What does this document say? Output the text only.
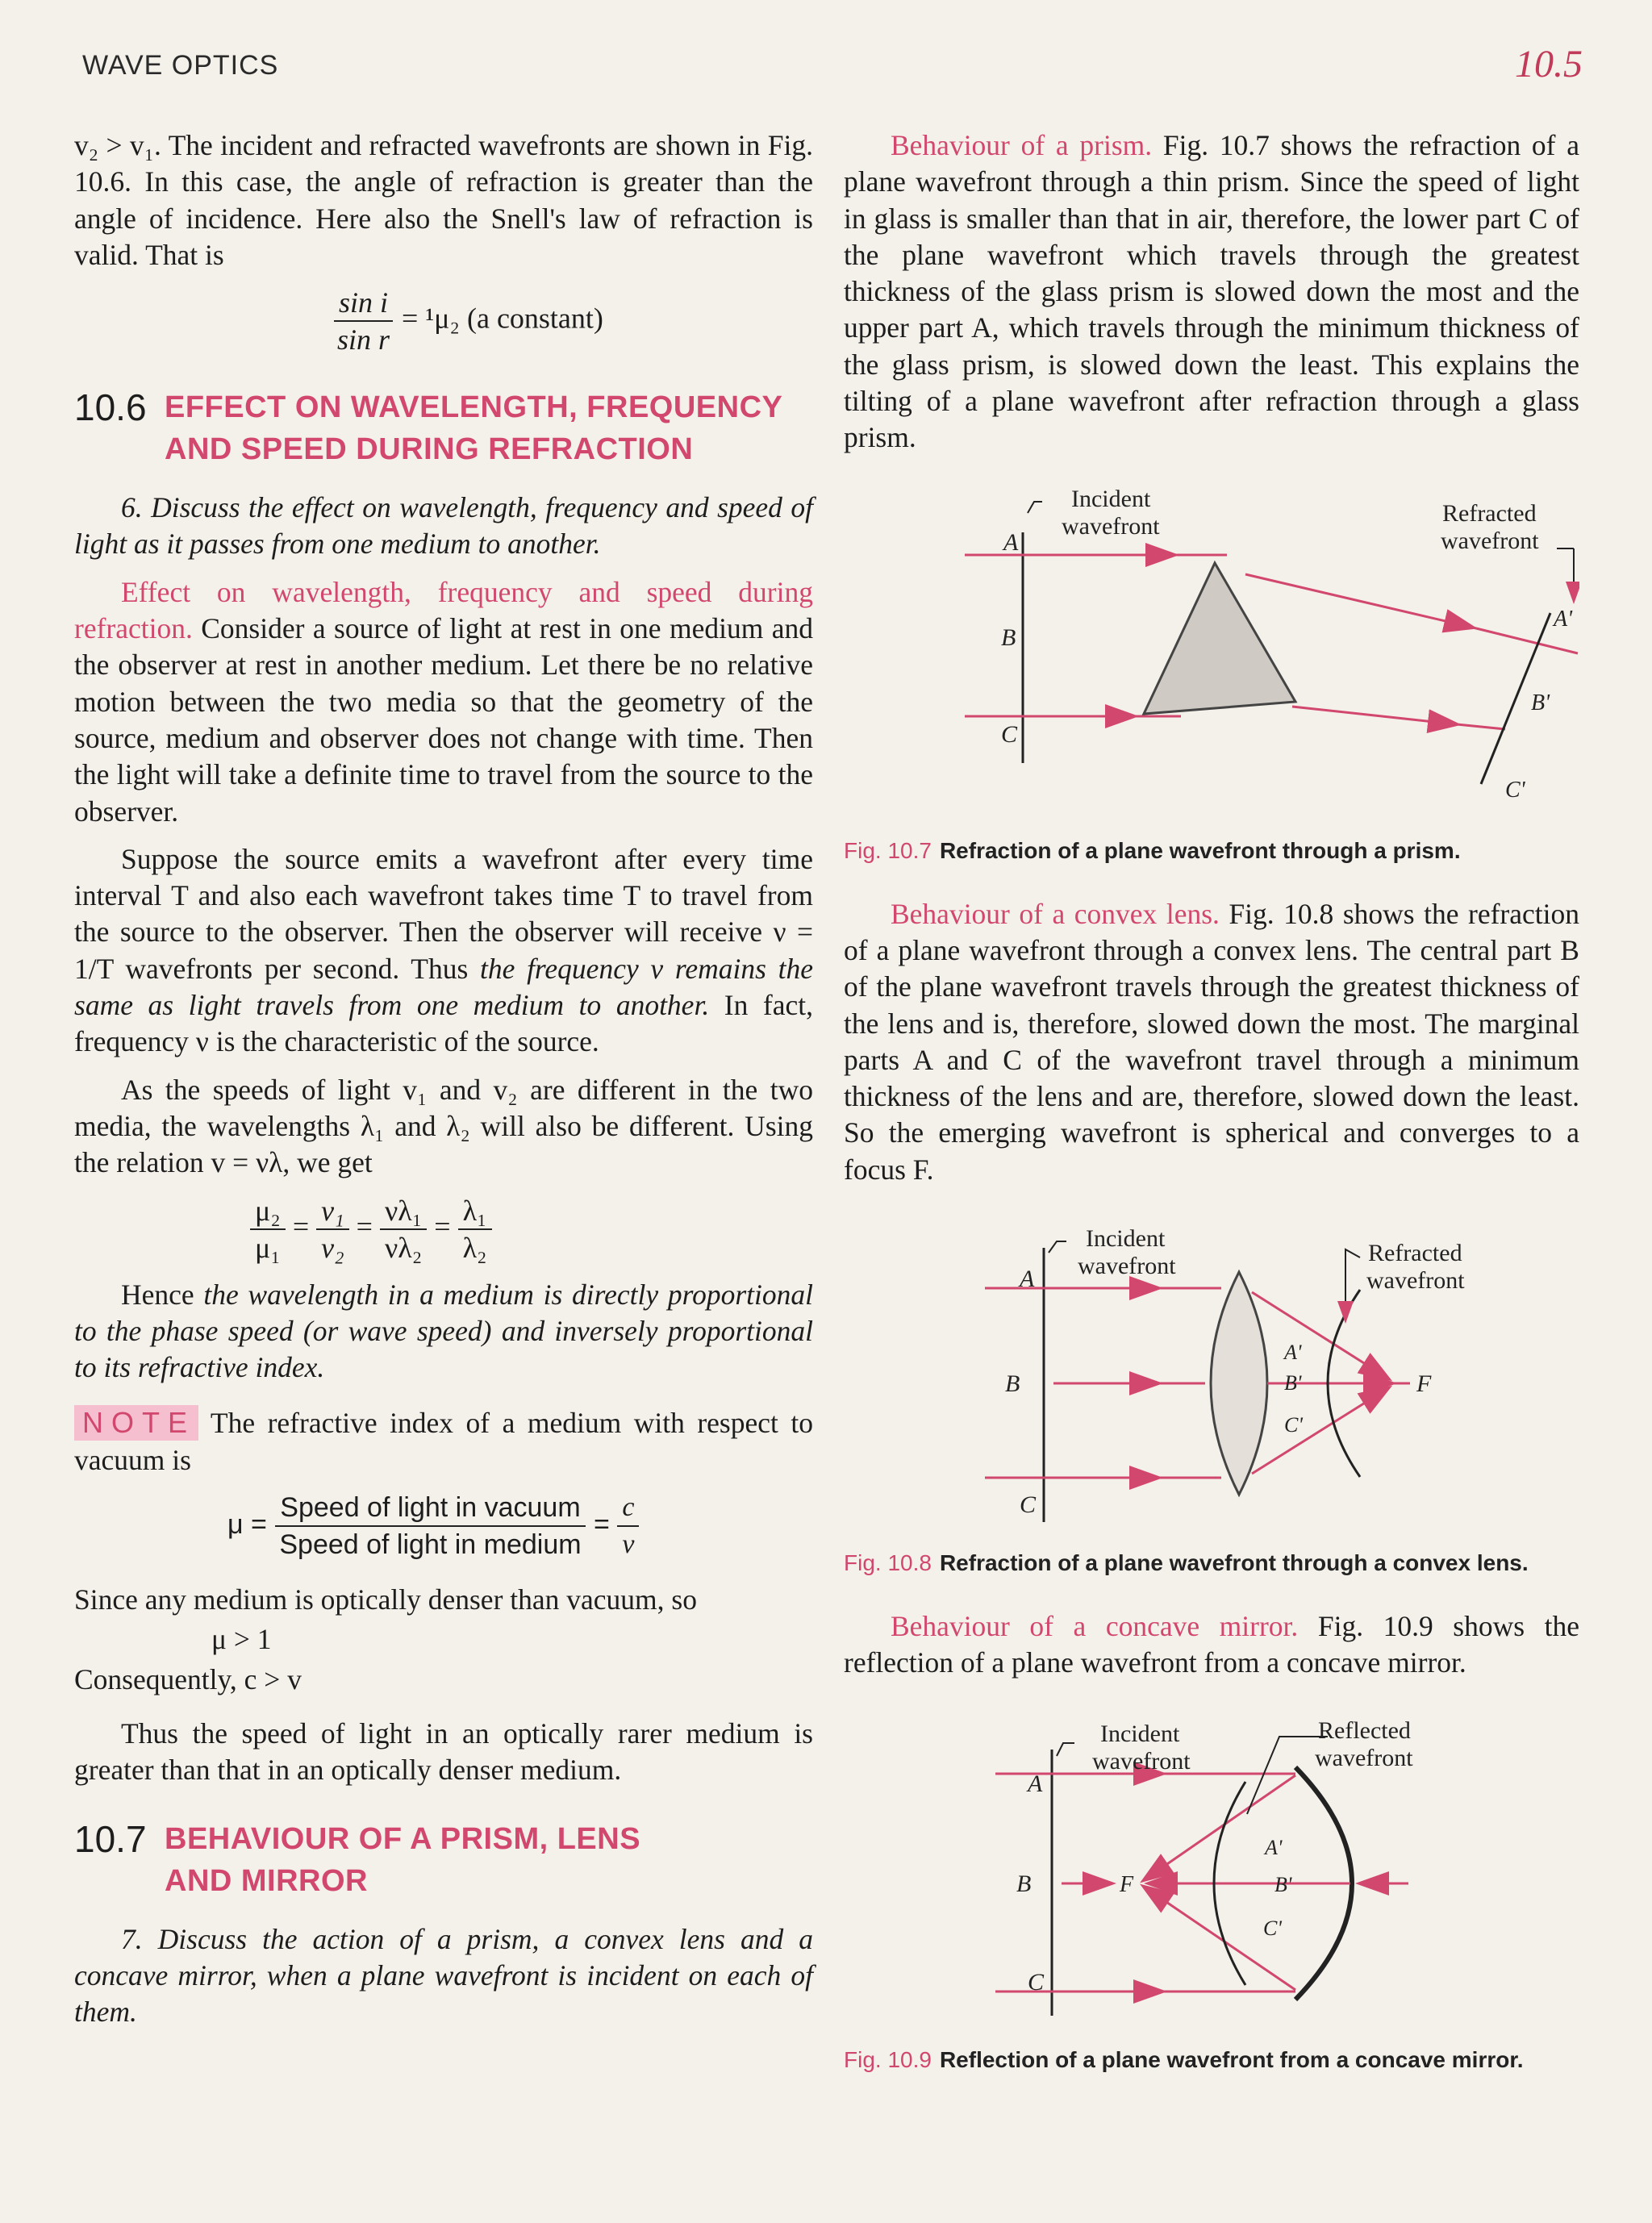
WAVE OPTICS	10.5

v₂ > v₁. The incident and refracted wavefronts are shown in Fig. 10.6. In this case, the angle of refraction is greater than the angle of incidence. Here also the Snell's law of refraction is valid. That is

$\frac{\text{sin i}}{\text{sin r}} = ^1\mu_2$ (a constant)
10.6 EFFECT ON WAVELENGTH, FREQUENCY
AND SPEED DURING REFRACTION

6. Discuss the effect on wavelength, frequency and speed of light as it passes from one medium to another.

Effect on wavelength, frequency and speed during refraction. Consider a source of light at rest in one medium and the observer at rest in another medium. Let there be no relative motion between the two media so that the geometry of the source, medium and observer does not change with time. Then the light will take a definite time to travel from the source to the observer.

Suppose the source emits a wavefront after every time interval T and also each wavefront takes time T to travel from the source to the observer. Then the observer will receive ν = 1/T wavefronts per second. Thus the frequency ν remains the same as light travels from one medium to another. In fact, frequency ν is the characteristic of the source.

As the speeds of light v₁ and v₂ are different in the two media, the wavelengths λ₁ and λ₂ will also be different. Using the relation v = νλ, we get

$\frac{\text{μ₂}}{\text{μ₁}} = \frac{\text{v₁}}{\text{v₂}} = \frac{\text{νλ₁}}{\text{νλ₂}} = \frac{\text{λ₁}}{\text{λ₂}}$

Hence the wavelength in a medium is directly proportional to the phase speed (or wave speed) and inversely proportional to its refractive index.

NOTE The refractive index of a medium with respect to vacuum is

$\mu = \frac{\text{Speed of light in vacuum}}{\text{Speed of light in medium}} = \frac{c}{v}$

Since any medium is optically denser than vacuum, so

μ > 1

Consequently, c > v

Thus the speed of light in an optically rarer medium is greater than that in an optically denser medium.

10.7 BEHAVIOUR OF A PRISM, LENS
AND MIRROR

7. Discuss the action of a prism, a convex lens and a concave mirror, when a plane wavefront is incident on each of them.

Behaviour of a prism. Fig. 10.7 shows the refraction of a plane wavefront through a thin prism. Since the speed of light in glass is smaller than that in air, therefore, the lower part C of the plane wavefront which travels through the greatest thickness of the glass prism is slowed down the most and the upper part A, which travels through the minimum thickness of the glass prism, is slowed down the least. This explains the tilting of a plane wavefront after refraction through a glass prism.

Incident
wavefront	Refracted
wavefront
A
B
C
A'
B'
C'
Fig. 10.7 Refraction of a plane wavefront through a prism.

Behaviour of a convex lens. Fig. 10.8 shows the refraction of a plane wavefront through a convex lens. The central part B of the plane wavefront travels through the greatest thickness of the lens and is, therefore, slowed down the most. The marginal parts A and C of the wavefront travel through a minimum thickness of the lens and are, therefore, slowed down the least. So the emerging wavefront is spherical and converges to a focus F.

Incident
wavefront	Refracted
wavefront
A
B
C
A'
B'
C'
F
Fig. 10.8 Refraction of a plane wavefront through a convex lens.

Behaviour of a concave mirror. Fig. 10.9 shows the reflection of a plane wavefront from a concave mirror.

Incident
wavefront
Reflected
wavefront
A
B
C
F
A'
B'
C'
Fig. 10.9 Reflection of a plane wavefront from a concave mirror.
